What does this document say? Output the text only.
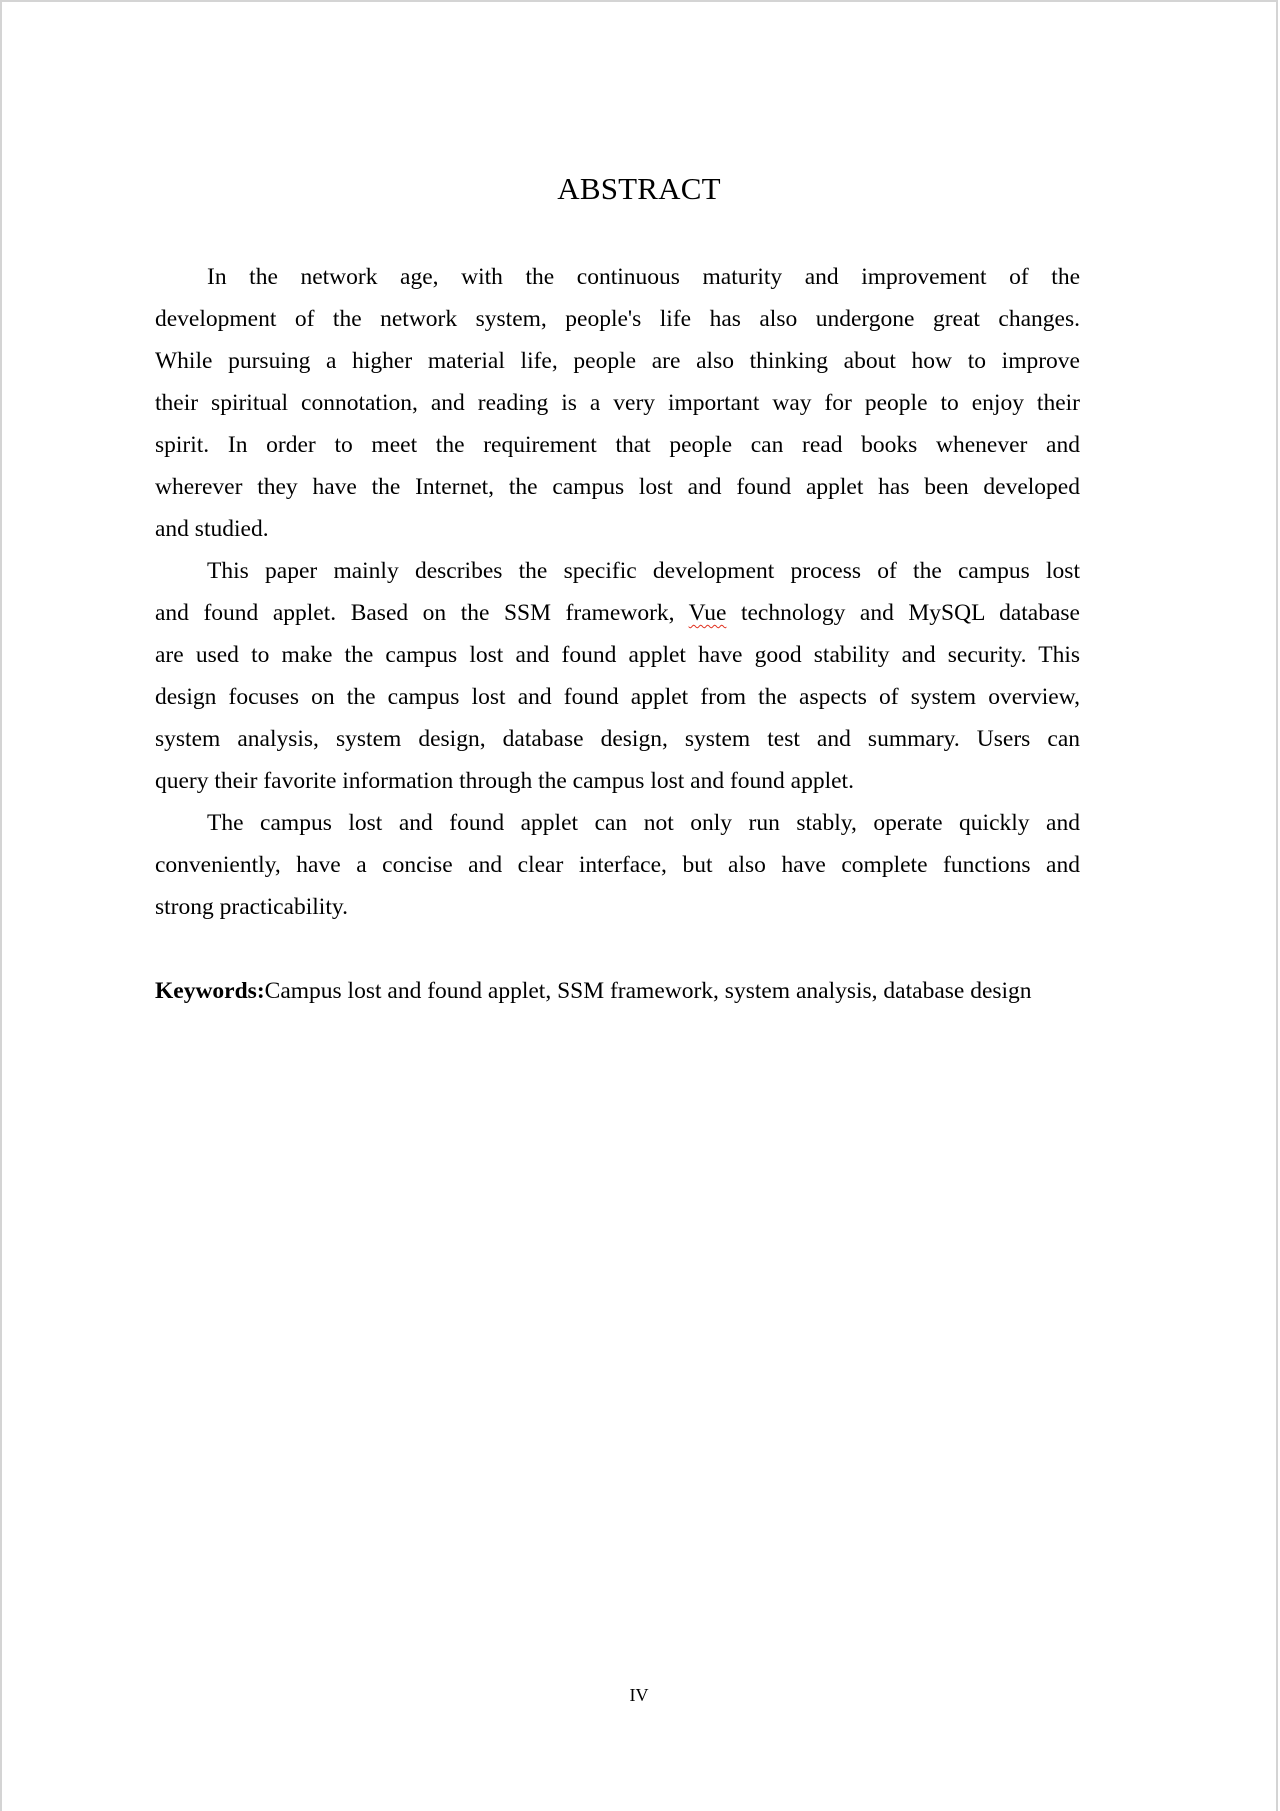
ABSTRACT
In the network age, with the continuous maturity and improvement of the
development of the network system, people's life has also undergone great changes.
While pursuing a higher material life, people are also thinking about how to improve
their spiritual connotation, and reading is a very important way for people to enjoy their
spirit. In order to meet the requirement that people can read books whenever and
wherever they have the Internet, the campus lost and found applet has been developed
and studied.
This paper mainly describes the specific development process of the campus lost
and found applet. Based on the SSM framework, Vue technology and MySQL database
are used to make the campus lost and found applet have good stability and security. This
design focuses on the campus lost and found applet from the aspects of system overview,
system analysis, system design, database design, system test and summary. Users can
query their favorite information through the campus lost and found applet.
The campus lost and found applet can not only run stably, operate quickly and
conveniently, have a concise and clear interface, but also have complete functions and
strong practicability.
Keywords:Campus lost and found applet, SSM framework, system analysis, database design
IV
